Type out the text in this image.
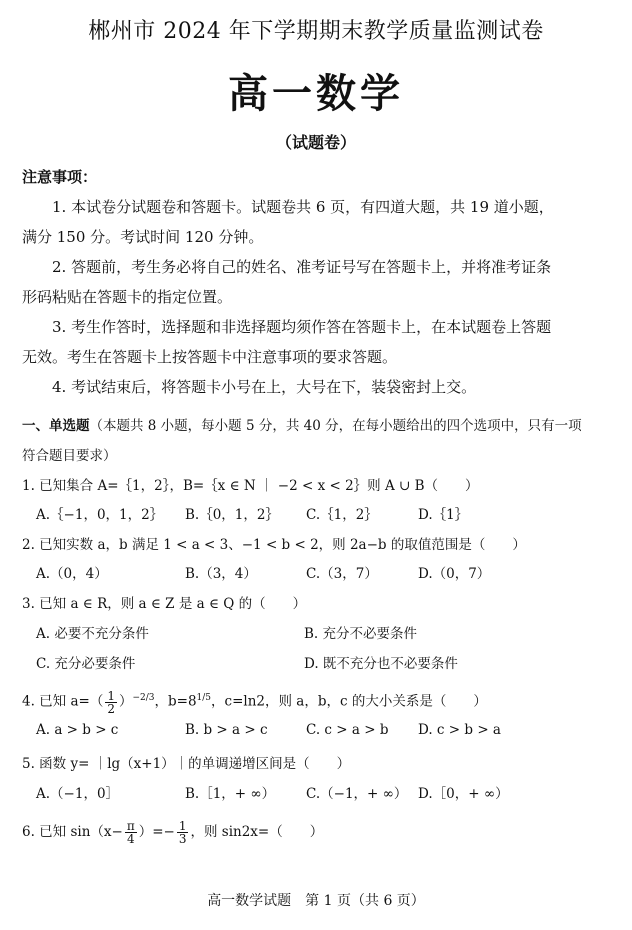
郴州市 2024 年下学期期末教学质量监测试卷
高一数学
（试题卷）
注意事项：
1. 本试卷分试题卷和答题卡。试题卷共 6 页，有四道大题，共 19 道小题，
满分 150 分。考试时间 120 分钟。
2. 答题前，考生务必将自己的姓名、准考证号写在答题卡上，并将准考证条
形码粘贴在答题卡的指定位置。
3. 考生作答时，选择题和非选择题均须作答在答题卡上，在本试题卷上答题
无效。考生在答题卡上按答题卡中注意事项的要求答题。
4. 考试结束后，将答题卡小号在上，大号在下，装袋密封上交。
一、单选题（本题共 8 小题，每小题 5 分，共 40 分，在每小题给出的四个选项中，只有一项
符合题目要求）
1. 已知集合 A=｛1，2｝，B=｛x ∈ N ｜ −2 < x < 2｝则 A ∪ B（　　）
A.｛−1，0，1，2｝ B.｛0，1，2｝ C.｛1，2｝	D.｛1｝
2. 已知实数 a，b 满足 1 < a < 3、−1 < b < 2，则 2a−b 的取值范围是（　　）
A.（0，4）	B.（3，4）	C.（3，7）	D.（0，7）
3. 已知 a ∈ R，则 a ∈ Z 是 a ∈ Q 的（　　）
A. 必要不充分条件	B. 充分不必要条件
C. 充分必要条件	D. 既不充分也不必要条件
4. 已知 $a=( \frac{1}{2} )^{-2/3}$，$b=8^{1/5}$，c=ln2，则 a，b，c 的大小关系是（　　）
A. a > b > c	B. b > a > c	C. c > a > b D. c > b > a
5. 函数 y= ｜lg（x+1）｜的单调递增区间是（　　）
A.（−1，0］	B.［1，+ ∞） C.（−1，+ ∞） D.［0，+ ∞）
6. 已知 $\sin(x- \frac{\pi}{4}$ ）=− $\frac{1}{3}$ ，则 sin2x=（　　）
高一数学试题　第 1 页（共 6 页）
